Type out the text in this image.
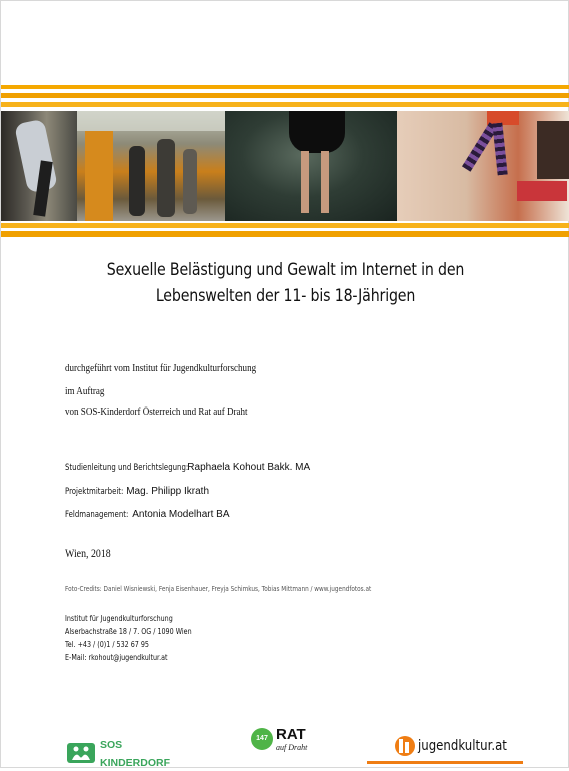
Sexuelle Belästigung und Gewalt im Internet in den
Lebenswelten der 11- bis 18-Jährigen
durchgeführt vom Institut für Jugendkulturforschung
im Auftrag
von SOS-Kinderdorf Österreich und Rat auf Draht
Studienleitung und Berichtslegung:Raphaela Kohout Bakk. MA
Projektmitarbeit: Mag. Philipp Ikrath
Feldmanagement: Antonia Modelhart BA
Wien, 2018
Foto-Credits: Daniel Wisniewski, Fenja Eisenhauer, Freyja Schimkus, Tobias Mittmann / www.jugendfotos.at
Institut für Jugendkulturforschung
Alserbachstraße 18 / 7. OG / 1090 Wien
Tel. +43 / (0)1 / 532 67 95
E-Mail: rkohout@jugendkultur.at
SOS
KINDERDORF
147 RAT
auf Draht	jugendkultur.at
